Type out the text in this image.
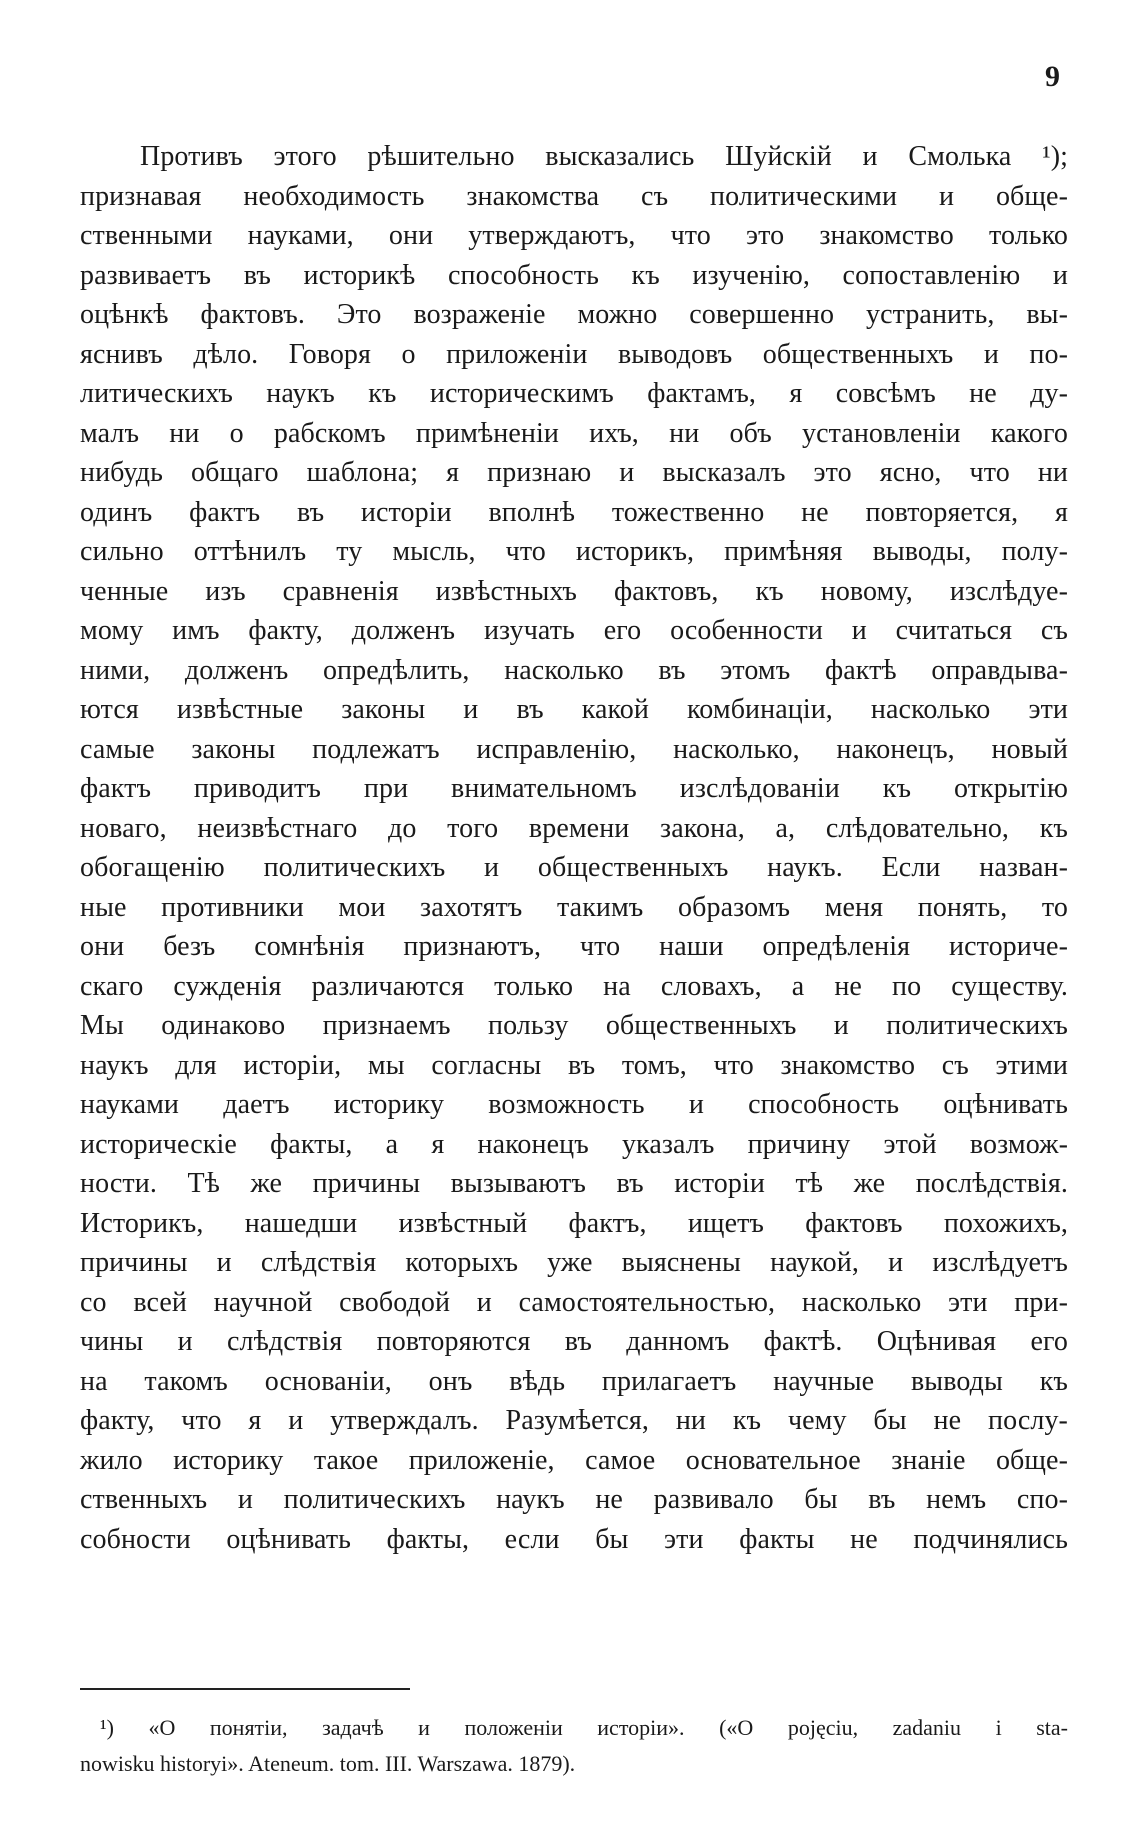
9
Противъ этого рѣшительно высказались Шуйскій и Смолька ¹);
признавая необходимость знакомства съ политическими и обще-
ственными науками, они утверждаютъ, что это знакомство только
развиваетъ въ историкѣ способность къ изученію, сопоставленію и
оцѣнкѣ фактовъ. Это возраженіе можно совершенно устранить, вы-
яснивъ дѣло. Говоря о приложеніи выводовъ общественныхъ и по-
литическихъ наукъ къ историческимъ фактамъ, я совсѣмъ не ду-
малъ ни о рабскомъ примѣненіи ихъ, ни объ установленіи какого
нибудь общаго шаблона; я признаю и высказалъ это ясно, что ни
одинъ фактъ въ исторіи вполнѣ тожественно не повторяется, я
сильно оттѣнилъ ту мысль, что историкъ, примѣняя выводы, полу-
ченные изъ сравненія извѣстныхъ фактовъ, къ новому, изслѣдуе-
мому имъ факту, долженъ изучать его особенности и считаться съ
ними, долженъ опредѣлить, насколько въ этомъ фактѣ оправдыва-
ются извѣстные законы и въ какой комбинаціи, насколько эти
самые законы подлежатъ исправленію, насколько, наконецъ, новый
фактъ приводитъ при внимательномъ изслѣдованіи къ открытію
новаго, неизвѣстнаго до того времени закона, а, слѣдовательно, къ
обогащенію политическихъ и общественныхъ наукъ. Если назван-
ные противники мои захотятъ такимъ образомъ меня понять, то
они безъ сомнѣнія признаютъ, что наши опредѣленія историче-
скаго сужденія различаются только на словахъ, а не по существу.
Мы одинаково признаемъ пользу общественныхъ и политическихъ
наукъ для исторіи, мы согласны въ томъ, что знакомство съ этими
науками даетъ историку возможность и способность оцѣнивать
историческіе факты, а я наконецъ указалъ причину этой возмож-
ности. Тѣ же причины вызываютъ въ исторіи тѣ же послѣдствія.
Историкъ, нашедши извѣстный фактъ, ищетъ фактовъ похожихъ,
причины и слѣдствія которыхъ уже выяснены наукой, и изслѣдуетъ
со всей научной свободой и самостоятельностью, насколько эти при-
чины и слѣдствія повторяются въ данномъ фактѣ. Оцѣнивая его
на такомъ основаніи, онъ вѣдь прилагаетъ научные выводы къ
факту, что я и утверждалъ. Разумѣется, ни къ чему бы не послу-
жило историку такое приложеніе, самое основательное знаніе обще-
ственныхъ и политическихъ наукъ не развивало бы въ немъ спо-
собности оцѣнивать факты, если бы эти факты не подчинялись
¹) «О понятіи, задачѣ и положеніи исторіи». («O pojęciu, zadaniu i sta-
nowisku historyi». Ateneum. tom. III. Warszawa. 1879).
